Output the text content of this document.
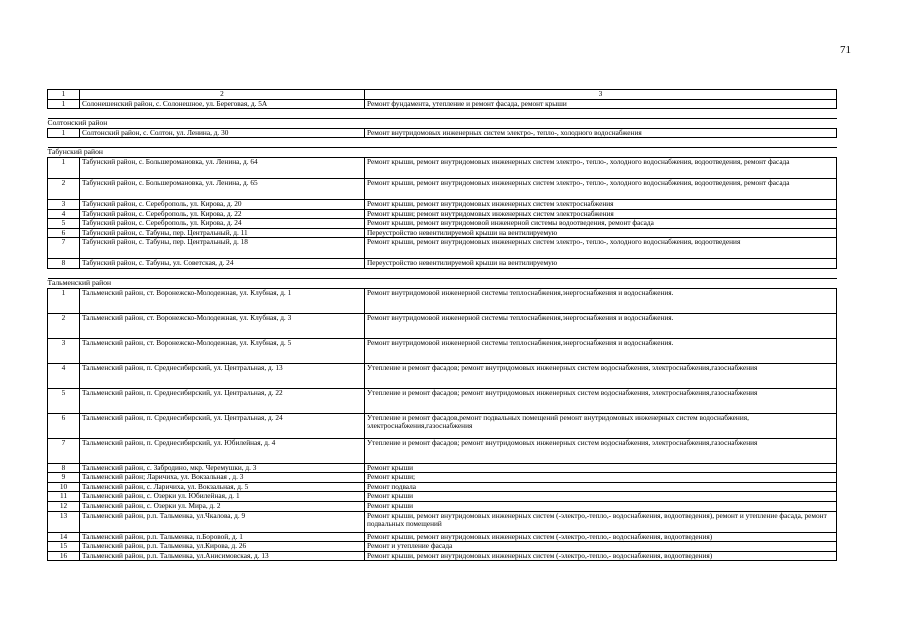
71
1	2	3
1	Солонешенский район, с. Солонешное, ул. Береговая, д. 5А	Ремонт фундамента, утепление и ремонт фасада, ремонт крыши

Солтонский район		
1	Солтонский район, с. Солтон, ул. Ленина, д. 30	Ремонт внутридомовых инженерных систем электро-, тепло-, холодного водоснабжения

Табунский район		
1	Табунский район, с. Большеромановка, ул. Ленина, д. 64	Ремонт крыши, ремонт внутридомовых инженерных систем электро-, тепло-, холодного водоснабжения, водоотведения, ремонт фасада
2	Табунский район, с. Большеромановка, ул. Ленина, д. 65	Ремонт крыши, ремонт внутридомовых инженерных систем электро-, тепло-, холодного водоснабжения, водоотведения, ремонт фасада
3	Табунский район, с. Сереброполь, ул. Кирова, д. 20	Ремонт крыши, ремонт внутридомовых инженерных систем электроснабжения
4	Табунский район, с. Сереброполь, ул. Кирова, д. 22	Ремонт крыши; ремонт внутридомовых инженерных систем электроснабжения
5	Табунский район, с. Сереброполь, ул. Кирова, д. 24	Ремонт крыши, ремонт внутридомовой инженерной системы водоотведения, ремонт фасада
6	Табунский район, с. Табуны, пер. Центральный, д. 11	Переустройство невентилируемой крыши на вентилируемую
7	Табунский район, с. Табуны, пер. Центральный, д. 18	Ремонт крыши, ремонт внутридомовых инженерных систем электро-, тепло-, холодного водоснабжения, водоотведения
8	Табунский район, с. Табуны, ул. Советская, д. 24	Переустройство невентилируемой крыши на вентилируемую

Тальменский район		
1	Тальменский район, ст. Воронежско-Молодежная, ул. Клубная, д. 1	Ремонт внутридомовой инженерной системы теплоснабжения,энергоснабжения и водоснабжения.
2	Тальменский район, ст. Воронежско-Молодежная, ул. Клубная, д. 3	Ремонт внутридомовой инженерной системы теплоснабжения,энергоснабжения и водоснабжения.
3	Тальменский район, ст. Воронежско-Молодежная, ул. Клубная, д. 5	Ремонт внутридомовой инженерной системы теплоснабжения,энергоснабжения и водоснабжения.
4	Тальменский район, п. Среднесибирский, ул. Центральная, д. 13	Утепление и ремонт фасадов; ремонт внутридомовых инженерных систем водоснабжения, электроснабжения,газоснабжения
5	Тальменский район, п. Среднесибирский, ул. Центральная, д. 22	Утепление и ремонт фасадов; ремонт внутридомовых инженерных систем водоснабжения, электроснабжения,газоснабжения
6	Тальменский район, п. Среднесибирский, ул. Центральная, д. 24	Утепление и ремонт фасадов,ремонт подвальных помещений ремонт внутридомовых инженерных систем водоснабжения, электроснабжения,газоснабжения
7	Тальменский район, п. Среднесибирский, ул. Юбилейная, д. 4	Утепление и ремонт фасадов; ремонт внутридомовых инженерных систем водоснабжения, электроснабжения,газоснабжения
8	Тальменский район, с. Забродино, мкр. Черемушки, д. 3	Ремонт крыши
9	Тальменский район; Ларичиха, ул. Вокзальная , д. 3	Ремонт крыши;
10	Тальменский район, с. Ларичиха, ул. Вокзальная, д. 5	Ремонт подвала
11	Тальменский район, с. Озерки ул. Юбилейная, д. 1	Ремонт крыши
12	Тальменский район, с. Озерки ул. Мира, д. 2	Ремонт крыши
13	Тальменский район, р.п. Тальменка, ул.Чкалова, д. 9	Ремонт крыши, ремонт внутридомовых инженерных систем (-электро,-тепло,- водоснабжения, водоотведения), ремонт и утепление фасада, ремонт подвальных помещений
14	Тальменский район, р.п. Тальменка, п.Боровой, д. 1	Ремонт крыши, ремонт внутридомовых инженерных систем (-электро,-тепло,- водоснабжения, водоотведения)
15	Тальменский район, р.п. Тальменка, ул.Кирова, д. 26	Ремонт и утепление фасада
16	Тальменский район, р.п. Тальменка, ул.Анисимовская, д. 13	Ремонт крыши, ремонт внутридомовых инженерных систем (-электро,-тепло,- водоснабжения, водоотведения)
